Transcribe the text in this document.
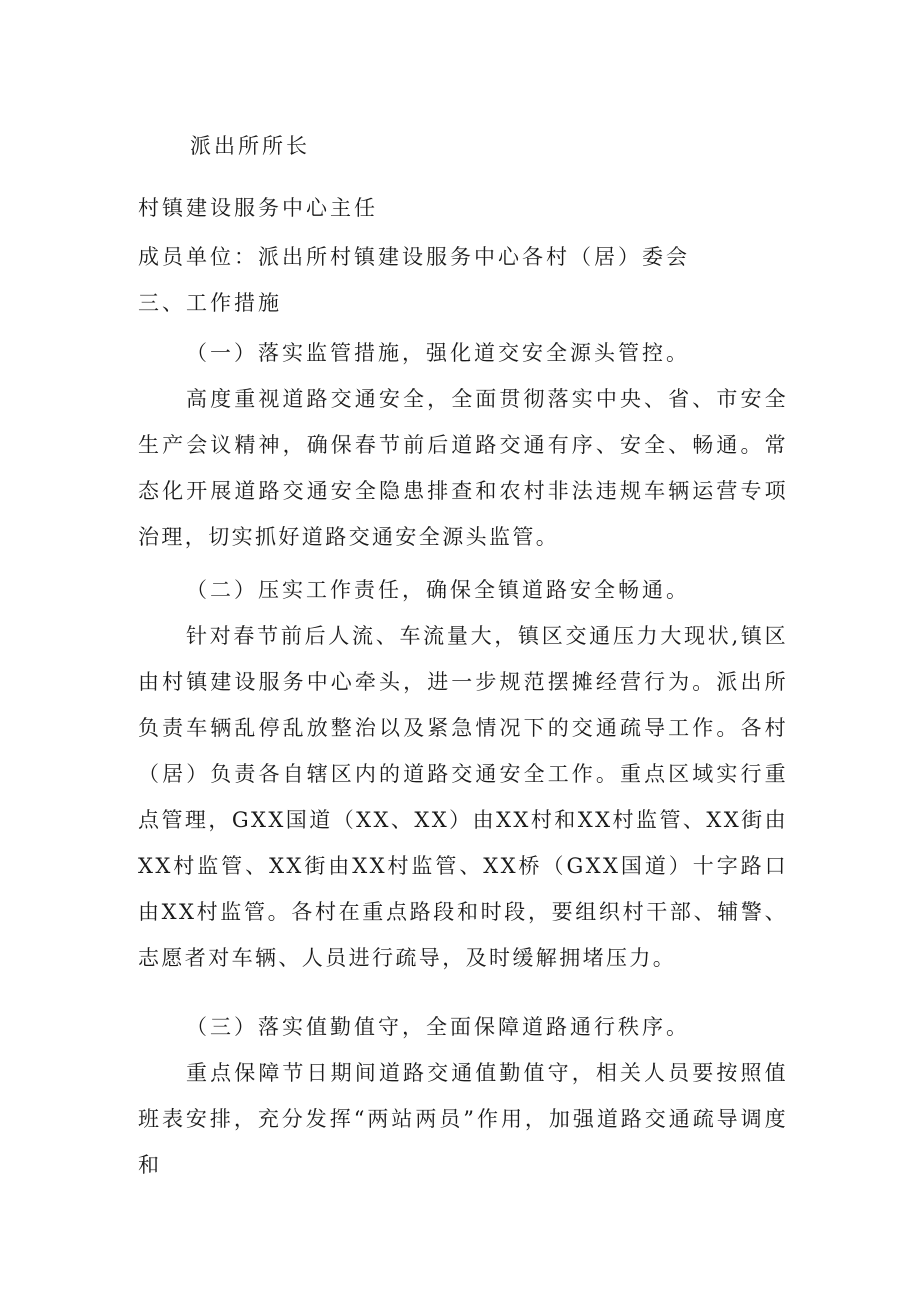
派出所所长
村镇建设服务中心主任
成员单位：派出所村镇建设服务中心各村（居）委会
三、工作措施
（一）落实监管措施，强化道交安全源头管控。
高度重视道路交通安全，全面贯彻落实中央、省、市安全生产会议精神，确保春节前后道路交通有序、安全、畅通。常态化开展道路交通安全隐患排查和农村非法违规车辆运营专项治理，切实抓好道路交通安全源头监管。
（二）压实工作责任，确保全镇道路安全畅通。
针对春节前后人流、车流量大，镇区交通压力大现状,镇区由村镇建设服务中心牵头，进一步规范摆摊经营行为。派出所负责车辆乱停乱放整治以及紧急情况下的交通疏导工作。各村（居）负责各自辖区内的道路交通安全工作。重点区域实行重点管理，GXX国道（XX、XX）由XX村和XX村监管、XX街由XX村监管、XX街由XX村监管、XX桥（GXX国道）十字路口由XX村监管。各村在重点路段和时段，要组织村干部、辅警、志愿者对车辆、人员进行疏导，及时缓解拥堵压力。
（三）落实值勤值守，全面保障道路通行秩序。
重点保障节日期间道路交通值勤值守，相关人员要按照值班表安排，充分发挥“两站两员”作用，加强道路交通疏导调度和
